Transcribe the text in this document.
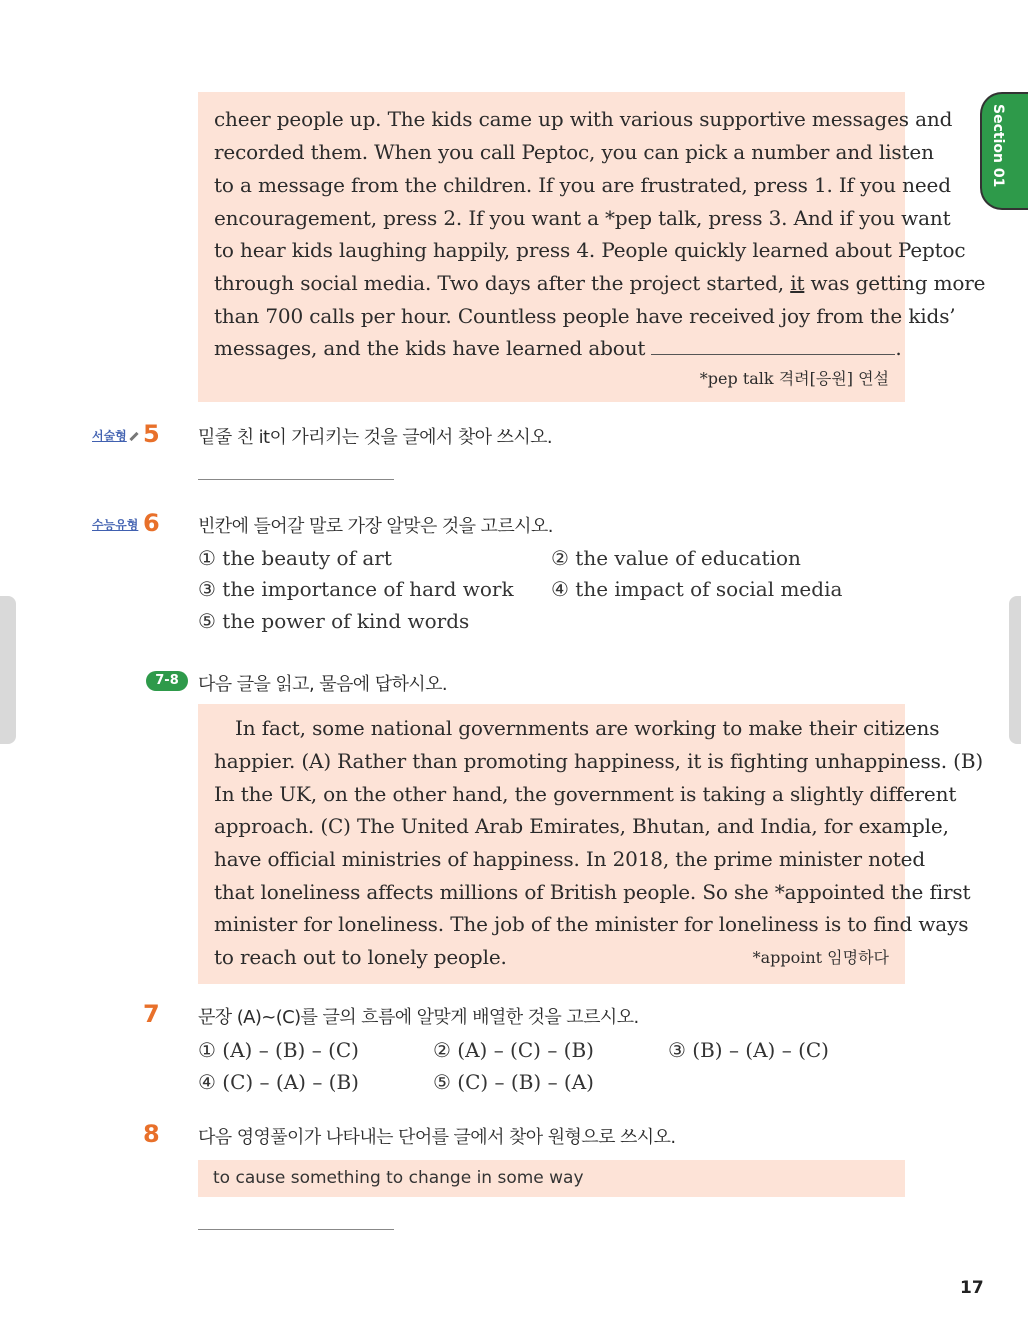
Section 01
cheer people up. The kids came up with various supportive messages and
recorded them. When you call Peptoc, you can pick a number and listen
to a message from the children. If you are frustrated, press 1. If you need
encouragement, press 2. If you want a *pep talk, press 3. And if you want
to hear kids laughing happily, press 4. People quickly learned about Peptoc
through social media. Two days after the project started, it was getting more
than 700 calls per hour. Countless people have received joy from the kids’
messages, and the kids have learned about	.
*pep talk 격려[응원] 연설
서술형 5 밑줄 친 it이 가리키는 것을 글에서 찾아 쓰시오.
수능유형 6 빈칸에 들어갈 말로 가장 알맞은 것을 고르시오.
① the beauty of art	② the value of education
③ the importance of hard work ④ the impact of social media
⑤ the power of kind words
7-8	다음 글을 읽고, 물음에 답하시오.
In fact, some national governments are working to make their citizens
happier. (A) Rather than promoting happiness, it is fighting unhappiness. (B)
In the UK, on the other hand, the government is taking a slightly different
approach. (C) The United Arab Emirates, Bhutan, and India, for example,
have official ministries of happiness. In 2018, the prime minister noted
that loneliness affects millions of British people. So she *appointed the first
minister for loneliness. The job of the minister for loneliness is to find ways
to reach out to lonely people.	*appoint 임명하다
7 문장 (A)~(C)를 글의 흐름에 알맞게 배열한 것을 고르시오.
① (A) – (B) – (C)	② (A) – (C) – (B)	③ (B) – (A) – (C)
④ (C) – (A) – (B)	⑤ (C) – (B) – (A)
8 다음 영영풀이가 나타내는 단어를 글에서 찾아 원형으로 쓰시오.
to cause something to change in some way
17
